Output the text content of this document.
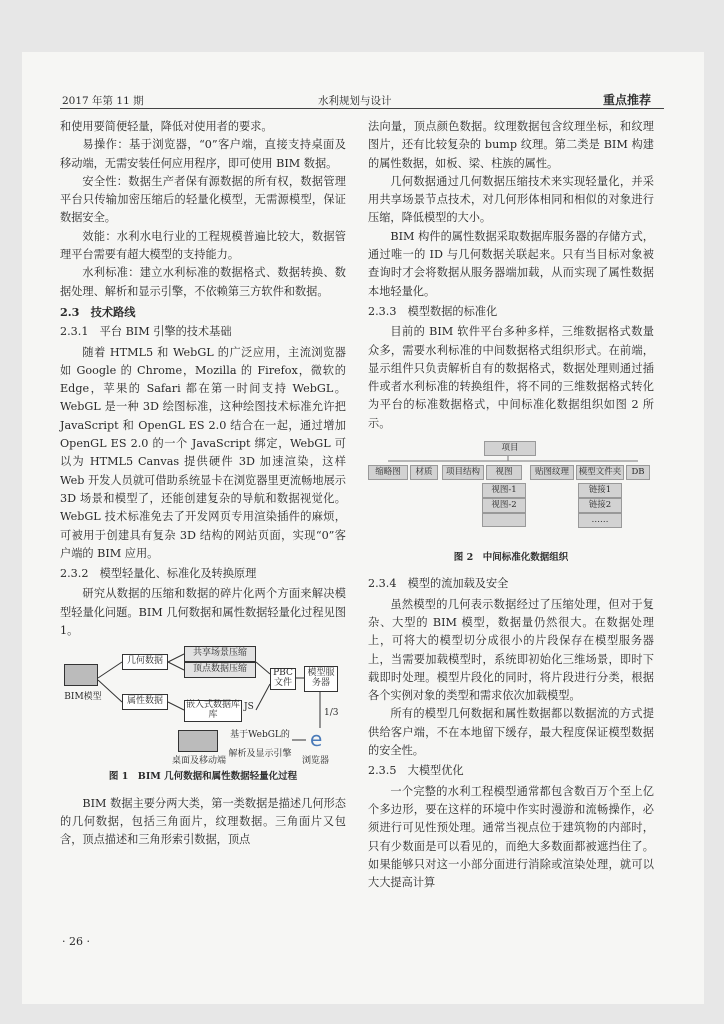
2017 年第 11 期	水利规划与设计	重点推荐

和使用要简便轻量，降低对使用者的要求。

易操作：基于浏览器，“0”客户端，直接支持桌面及移动端，无需安装任何应用程序，即可使用 BIM 数据。

安全性：数据生产者保有源数据的所有权，数据管理平台只传输加密压缩后的轻量化模型，无需源模型，保证数据安全。

效能：水利水电行业的工程规模普遍比较大，数据管理平台需要有超大模型的支持能力。

水利标准：建立水利标准的数据格式、数据转换、数据处理、解析和显示引擎，不依赖第三方软件和数据。

2.3　技术路线
2.3.1　平台 BIM 引擎的技术基础

随着 HTML5 和 WebGL 的广泛应用，主流浏览器如 Google 的 Chrome，Mozilla 的 Firefox，微软的 Edge，苹果的 Safari 都在第一时间支持 WebGL。WebGL 是一种 3D 绘图标准，这种绘图技术标准允许把 JavaScript 和 OpenGL ES 2.0 结合在一起，通过增加 OpenGL ES 2.0 的一个 JavaScript 绑定，WebGL 可以为 HTML5 Canvas 提供硬件 3D 加速渲染，这样 Web 开发人员就可借助系统显卡在浏览器里更流畅地展示 3D 场景和模型了，还能创建复杂的导航和数据视觉化。WebGL 技术标准免去了开发网页专用渲染插件的麻烦，可被用于创建具有复杂 3D 结构的网站页面，实现“0”客户端的 BIM 应用。

2.3.2　模型轻量化、标准化及转换原理

研究从数据的压缩和数据的碎片化两个方面来解决模型轻量化问题。BIM 几何数据和属性数据轻量化过程见图 1。

BIM模型
几何数据
属性数据
共享场景压缩
顶点数据压缩
嵌入式数据库库
JS
PBC文件
模型服务器
1/3
基于WebGL的解析及显示引擎
桌面及移动端
e
浏览器
图 1　BIM 几何数据和属性数据轻量化过程

BIM 数据主要分两大类，第一类数据是描述几何形态的几何数据，包括三角面片，纹理数据。三角面片又包含，顶点描述和三角形索引数据，顶点

法向量，顶点颜色数据。纹理数据包含纹理坐标，和纹理图片，还有比较复杂的 bump 纹理。第二类是 BIM 构建的属性数据，如板、梁、柱族的属性。

几何数据通过几何数据压缩技术来实现轻量化，并采用共享场景节点技术，对几何形体相同和相似的对象进行压缩，降低模型的大小。

BIM 构件的属性数据采取数据库服务器的存储方式，通过唯一的 ID 与几何数据关联起来。只有当目标对象被查询时才会将数据从服务器端加载，从而实现了属性数据本地轻量化。

2.3.3　模型数据的标准化

目前的 BIM 软件平台多种多样，三维数据格式数量众多，需要水利标准的中间数据格式组织形式。在前端，显示组件只负责解析自有的数据格式，数据处理则通过插件或者水利标准的转换组件，将不同的三维数据格式转化为平台的标准数据格式，中间标准化数据组织如图 2 所示。

项目
缩略图	材质	项目结构	视图	贴图纹理	模型文件夹	DB
视图-1
视图-2
链接1
链接2
……
图 2　中间标准化数据组织
2.3.4　模型的流加载及安全

虽然模型的几何表示数据经过了压缩处理，但对于复杂、大型的 BIM 模型，数据量仍然很大。在数据处理上，可将大的模型切分成很小的片段保存在模型服务器上，当需要加载模型时，系统即初始化三维场景，即时下载即时处理。模型片段化的同时，将片段进行分类，根据各个实例对象的类型和需求依次加载模型。

所有的模型几何数据和属性数据都以数据流的方式提供给客户端，不在本地留下缓存，最大程度保证模型数据的安全性。

2.3.5　大模型优化

一个完整的水利工程模型通常都包含数百万个至上亿个多边形，要在这样的环境中作实时漫游和流畅操作，必须进行可见性预处理。通常当视点位于建筑物的内部时，只有少数面是可以看见的，而绝大多数面都被遮挡住了。如果能够只对这一小部分面进行消除或渲染处理，就可以大大提高计算

· 26 ·
